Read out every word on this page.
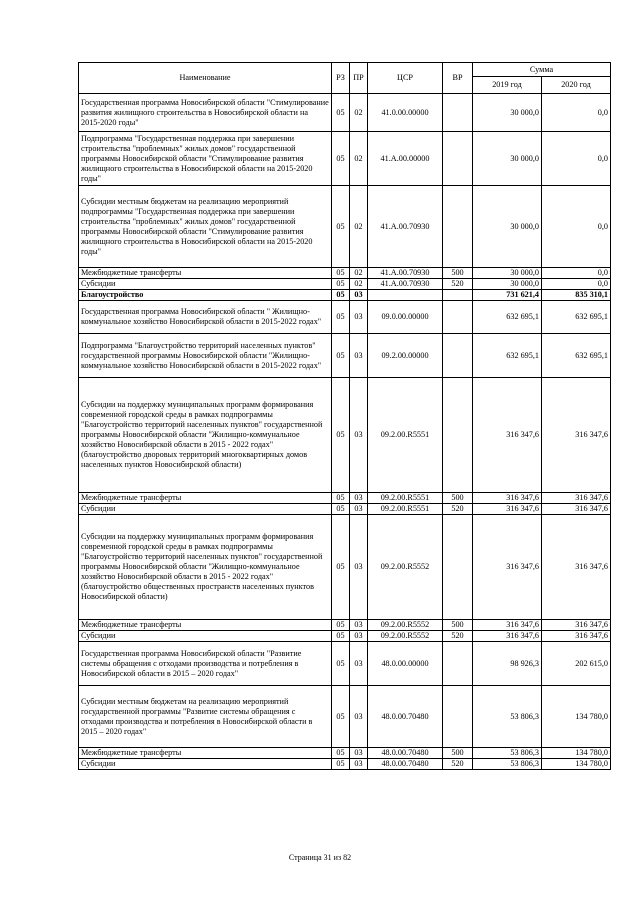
Наименование	РЗ	ПР	ЦСР	ВР	Сумма	
					2019 год	2020 год
Государственная программа Новосибирской области "Стимулирование развития жилищного строительства в Новосибирской области на 2015-2020 годы"	05	02	41.0.00.00000		30 000,0	0,0
Подпрограмма "Государственная поддержка при завершении строительства "проблемных" жилых домов" государственной программы Новосибирской области "Стимулирование развития жилищного строительства в Новосибирской области на 2015-2020 годы"	05	02	41.А.00.00000		30 000,0	0,0
Субсидии местным бюджетам на реализацию мероприятий подпрограммы "Государственная поддержка при завершении строительства "проблемных" жилых домов" государственной программы Новосибирской области "Стимулирование развития жилищного строительства в Новосибирской области на 2015-2020 годы"	05	02	41.А.00.70930		30 000,0	0,0
Межбюджетные трансферты	05	02	41.А.00.70930	500	30 000,0	0,0
Субсидии	05	02	41.А.00.70930	520	30 000,0	0,0
Благоустройство	05	03			731 621,4	835 310,1
Государственная программа Новосибирской области " Жилищно-коммунальное хозяйство Новосибирской области в 2015-2022 годах"	05	03	09.0.00.00000		632 695,1	632 695,1
Подпрограмма "Благоустройство территорий населенных пунктов" государственной программы Новосибирской области "Жилищно-коммунальное хозяйство Новосибирской области в 2015-2022 годах"	05	03	09.2.00.00000		632 695,1	632 695,1
Субсидии на поддержку муниципальных программ формирования современной городской среды в рамках подпрограммы "Благоустройство территорий населенных пунктов" государственной программы Новосибирской области "Жилищно-коммунальное хозяйство Новосибирской области в 2015 - 2022 годах" (благоустройство дворовых территорий многоквартирных домов населенных пунктов Новосибирской области)	05	03	09.2.00.R5551		316 347,6	316 347,6
Межбюджетные трансферты	05	03	09.2.00.R5551	500	316 347,6	316 347,6
Субсидии	05	03	09.2.00.R5551	520	316 347,6	316 347,6
Субсидии на поддержку муниципальных программ формирования современной городской среды в рамках подпрограммы "Благоустройство территорий населенных пунктов" государственной программы Новосибирской области "Жилищно-коммунальное хозяйство Новосибирской области в 2015 - 2022 годах" (благоустройство общественных пространств населенных пунктов Новосибирской области)	05	03	09.2.00.R5552		316 347,6	316 347,6
Межбюджетные трансферты	05	03	09.2.00.R5552	500	316 347,6	316 347,6
Субсидии	05	03	09.2.00.R5552	520	316 347,6	316 347,6
Государственная программа Новосибирской области "Развитие системы обращения с отходами производства и потребления в Новосибирской области в 2015 – 2020 годах"	05	03	48.0.00.00000		98 926,3	202 615,0
Субсидии местным бюджетам на реализацию мероприятий государственной программы "Развитие системы обращения с отходами производства и потребления в Новосибирской области в 2015 – 2020 годах"	05	03	48.0.00.70480		53 806,3	134 780,0
Межбюджетные трансферты	05	03	48.0.00.70480	500	53 806,3	134 780,0
Субсидии	05	03	48.0.00.70480	520	53 806,3	134 780,0
Страница 31 из 82
